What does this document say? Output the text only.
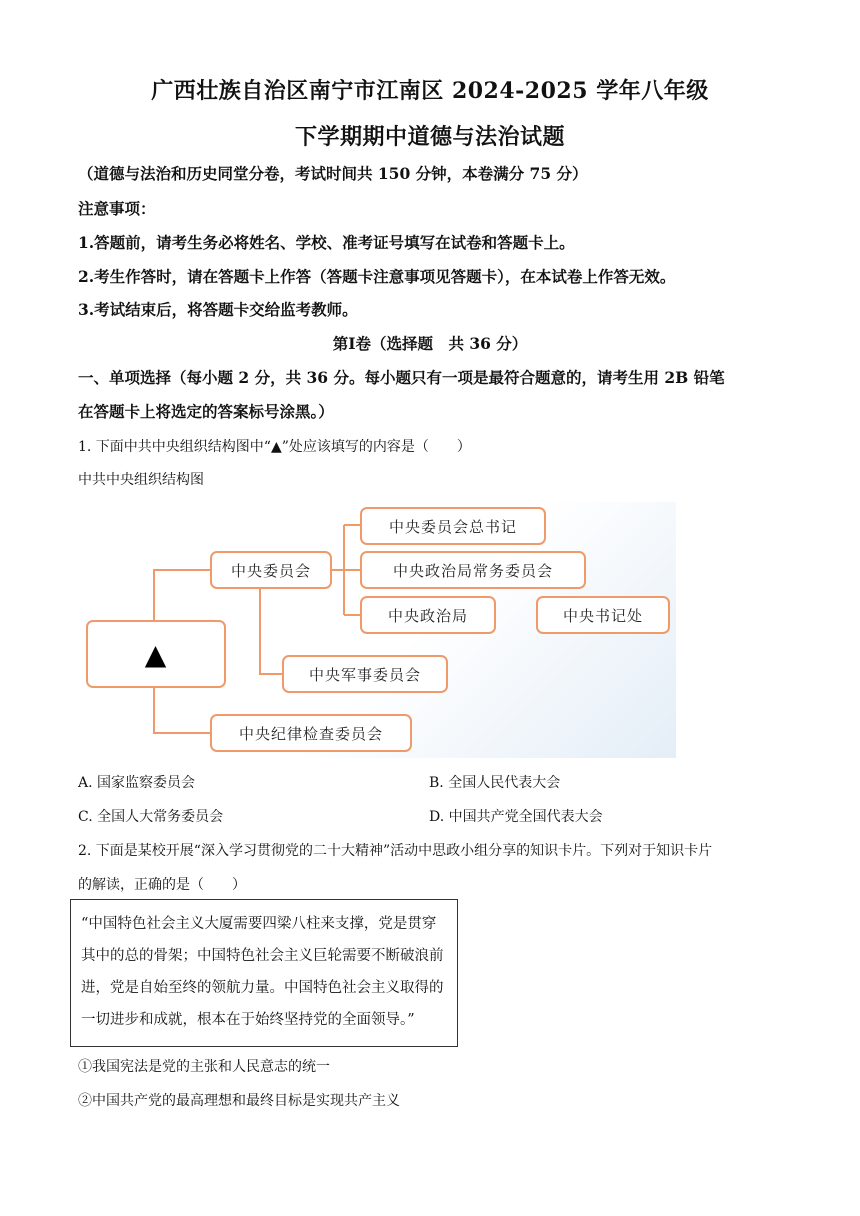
广西壮族自治区南宁市江南区 2024-2025 学年八年级
下学期期中道德与法治试题
（道德与法治和历史同堂分卷，考试时间共 150 分钟，本卷满分 75 分）
注意事项：
1.答题前，请考生务必将姓名、学校、准考证号填写在试卷和答题卡上。
2.考生作答时，请在答题卡上作答（答题卡注意事项见答题卡），在本试卷上作答无效。
3.考试结束后，将答题卡交给监考教师。
第Ⅰ卷（选择题　共 36 分）
一、单项选择（每小题 2 分，共 36 分。每小题只有一项是最符合题意的，请考生用 2B 铅笔
在答题卡上将选定的答案标号涂黑。）
1. 下面中共中央组织结构图中“▲”处应该填写的内容是（　　）
中共中央组织结构图
▲
中央委员会
中央委员会总书记
中央政治局常务委员会
中央政治局	中央书记处
中央军事委员会
中央纪律检查委员会
A. 国家监察委员会	B. 全国人民代表大会
C. 全国人大常务委员会	D. 中国共产党全国代表大会
2. 下面是某校开展“深入学习贯彻党的二十大精神”活动中思政小组分享的知识卡片。下列对于知识卡片
的解读，正确的是（　　）
“中国特色社会主义大厦需要四梁八柱来支撑，党是贯穿其中的总的骨架；中国特色社会主义巨轮需要不断破浪前进，党是自始至终的领航力量。中国特色社会主义取得的一切进步和成就，根本在于始终坚持党的全面领导。”
①我国宪法是党的主张和人民意志的统一
②中国共产党的最高理想和最终目标是实现共产主义
